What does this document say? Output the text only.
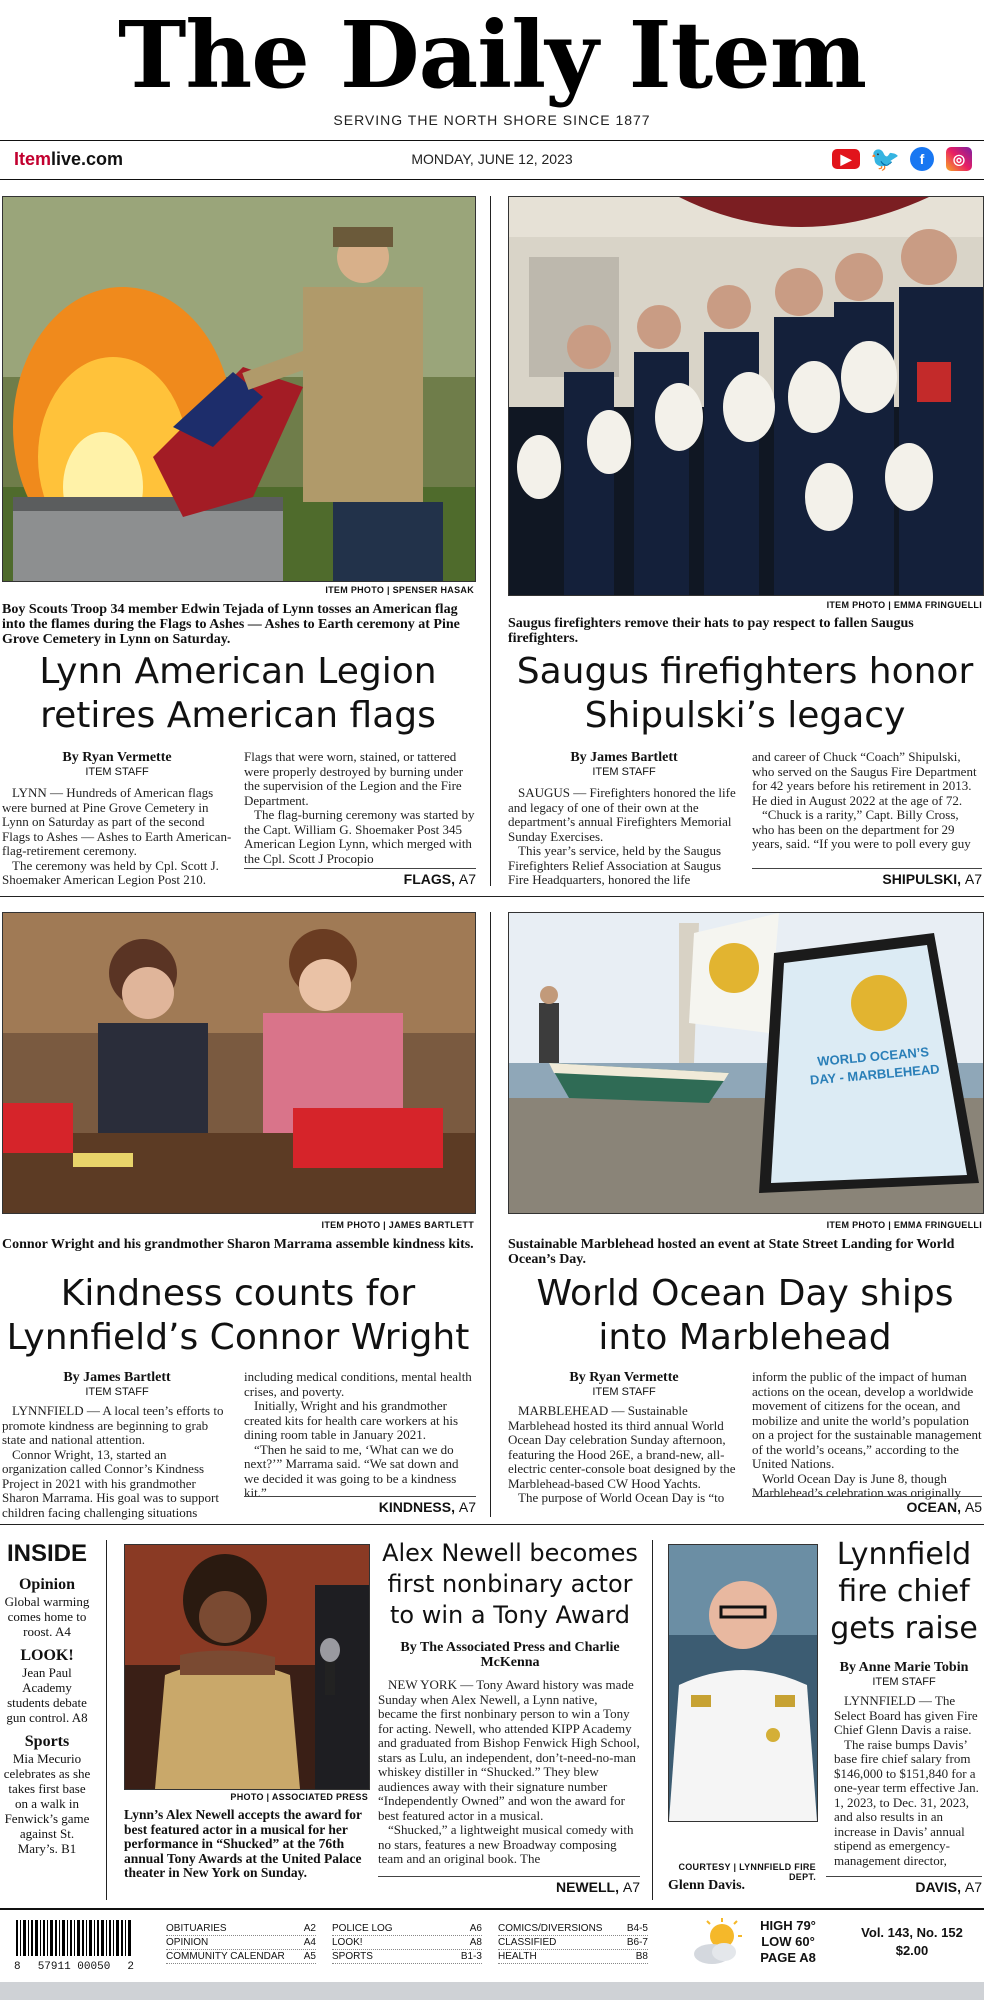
The Daily Item
SERVING THE NORTH SHORE SINCE 1877
Itemlive.com	MONDAY, JUNE 12, 2023	▶ 🐦	f	◎
ITEM PHOTO | SPENSER HASAK
Boy Scouts Troop 34 member Edwin Tejada of Lynn tosses an American flag into the flames during the Flags to Ashes — Ashes to Earth ceremony at Pine Grove Cemetery in Lynn on Saturday.
Lynn American Legion retires American flags
By Ryan Vermette
ITEM STAFF

LYNN — Hundreds of American flags were burned at Pine Grove Cemetery in Lynn on Saturday as part of the second Flags to Ashes — Ashes to Earth American-flag-retirement ceremony.

The ceremony was held by Cpl. Scott J. Shoemaker American Legion Post 210.

Flags that were worn, stained, or tattered were properly destroyed by burning under the supervision of the Legion and the Fire Department.

The flag-burning ceremony was started by the Capt. William G. Shoemaker Post 345 American Legion Lynn, which merged with the Cpl. Scott J Procopio

FLAGS, A7
ITEM PHOTO | EMMA FRINGUELLI
Saugus firefighters remove their hats to pay respect to fallen Saugus firefighters.
Saugus firefighters honor Shipulski’s legacy
By James Bartlett
ITEM STAFF

SAUGUS — Firefighters honored the life and legacy of one of their own at the department’s annual Firefighters Memorial Sunday Exercises.

This year’s service, held by the Saugus Firefighters Relief Association at Saugus Fire Headquarters, honored the life

and career of Chuck “Coach” Shipulski, who served on the Saugus Fire Department for 42 years before his retirement in 2013. He died in August 2022 at the age of 72.

“Chuck is a rarity,” Capt. Billy Cross, who has been on the department for 29 years, said. “If you were to poll every guy

SHIPULSKI, A7
ITEM PHOTO | JAMES BARTLETT
Connor Wright and his grandmother Sharon Marrama assemble kindness kits.
Kindness counts for Lynnfield’s Connor Wright
By James Bartlett
ITEM STAFF

LYNNFIELD — A local teen’s efforts to promote kindness are beginning to grab state and national attention.

Connor Wright, 13, started an organization called Connor’s Kindness Project in 2021 with his grandmother Sharon Marrama. His goal was to support children facing challenging situations

including medical conditions, mental health crises, and poverty.

Initially, Wright and his grandmother created kits for health care workers at his dining room table in January 2021.

“Then he said to me, ‘What can we do next?’” Marrama said. “We sat down and we decided it was going to be a kindness kit.”

KINDNESS, A7
WORLD OCEAN’S DAY - MARBLEHEAD
ITEM PHOTO | EMMA FRINGUELLI
Sustainable Marblehead hosted an event at State Street Landing for World Ocean’s Day.
World Ocean Day ships into Marblehead
By Ryan Vermette
ITEM STAFF

MARBLEHEAD — Sustainable Marblehead hosted its third annual World Ocean Day celebration Sunday afternoon, featuring the Hood 26E, a brand-new, all-electric center-console boat designed by the Marblehead-based CW Hood Yachts.

The purpose of World Ocean Day is “to

inform the public of the impact of human actions on the ocean, develop a worldwide movement of citizens for the ocean, and mobilize and unite the world’s population on a project for the sustainable management of the world’s oceans,” according to the United Nations.

World Ocean Day is June 8, though Marblehead’s celebration was originally

OCEAN, A5
INSIDE
Opinion
Global warming comes home to roost. A4
LOOK!
Jean Paul Academy students debate gun control. A8
Sports
Mia Mecurio celebrates as she takes first base on a walk in Fenwick’s game against St. Mary’s. B1
PHOTO | ASSOCIATED PRESS
Lynn’s Alex Newell accepts the award for best featured actor in a musical for her performance in “Shucked” at the 76th annual Tony Awards at the United Palace theater in New York on Sunday.
Alex Newell becomes first nonbinary actor to win a Tony Award
By The Associated Press and Charlie McKenna

NEW YORK — Tony Award history was made Sunday when Alex Newell, a Lynn native, became the first nonbinary person to win a Tony for acting. Newell, who attended KIPP Academy and graduated from Bishop Fenwick High School, stars as Lulu, an independent, don’t-need-no-man whiskey distiller in “Shucked.” They blew audiences away with their signature number “Independently Owned” and won the award for best featured actor in a musical.

“Shucked,” a lightweight musical comedy with no stars, features a new Broadway composing team and an original book. The

NEWELL, A7
COURTESY | LYNNFIELD FIRE DEPT.
Glenn Davis.
Lynnfield fire chief gets raise
By Anne Marie Tobin
ITEM STAFF

LYNNFIELD — The Select Board has given Fire Chief Glenn Davis a raise.

The raise bumps Davis’ base fire chief salary from $146,000 to $151,840 for a one-year term effective Jan. 1, 2023, to Dec. 31, 2023, and also results in an increase in Davis’ annual stipend as emergency-management director,

DAVIS, A7
8 57911 00050 2
OBITUARIES	A2
OPINION	A4
COMMUNITY CALENDAR A5
POLICE LOG	A6
LOOK!	A8
SPORTS	B1-3
COMICS/DIVERSIONS B4-5
CLASSIFIED	B6-7
HEALTH	B8
HIGH 79°
LOW 60°
PAGE A8
Vol. 143, No. 152
$2.00
